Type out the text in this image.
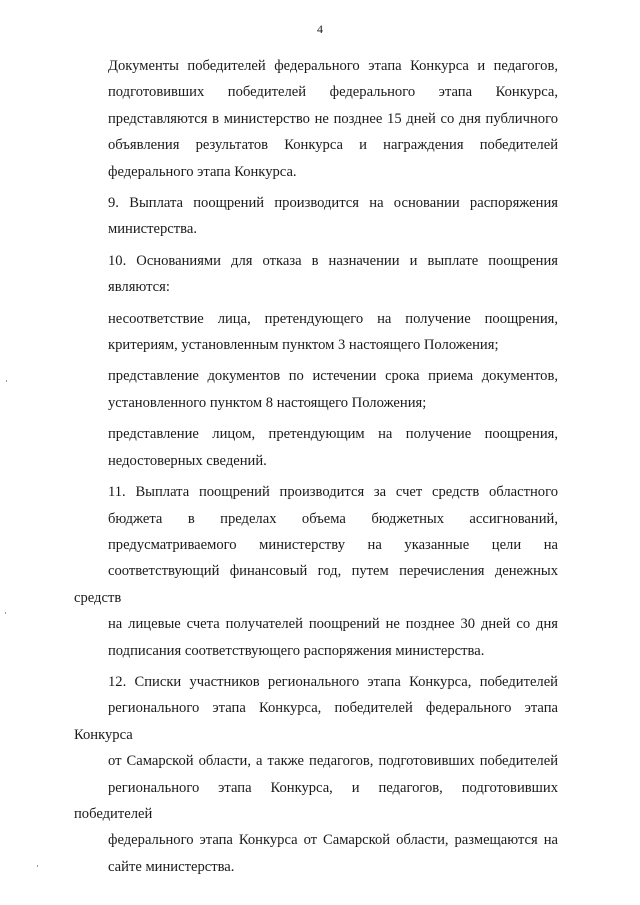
4

Документы победителей федерального этапа Конкурса и педагогов,
подготовивших победителей федерального этапа Конкурса,
представляются в министерство не позднее 15 дней со дня публичного
объявления результатов Конкурса и награждения победителей
федерального этапа Конкурса.

9. Выплата поощрений производится на основании распоряжения
министерства.

10. Основаниями для отказа в назначении и выплате поощрения
являются:

несоответствие лица, претендующего на получение поощрения,
критериям, установленным пунктом 3 настоящего Положения;

представление документов по истечении срока приема документов,
установленного пунктом 8 настоящего Положения;

представление лицом, претендующим на получение поощрения,
недостоверных сведений.

11. Выплата поощрений производится за счет средств областного
бюджета в пределах объема бюджетных ассигнований,
предусматриваемого министерству на указанные цели на
соответствующий финансовый год, путем перечисления денежных средств
на лицевые счета получателей поощрений не позднее 30 дней со дня
подписания соответствующего распоряжения министерства.

12. Списки участников регионального этапа Конкурса, победителей
регионального этапа Конкурса, победителей федерального этапа Конкурса
от Самарской области, а также педагогов, подготовивших победителей
регионального этапа Конкурса, и педагогов, подготовивших победителей
федерального этапа Конкурса от Самарской области, размещаются на
сайте министерства.
